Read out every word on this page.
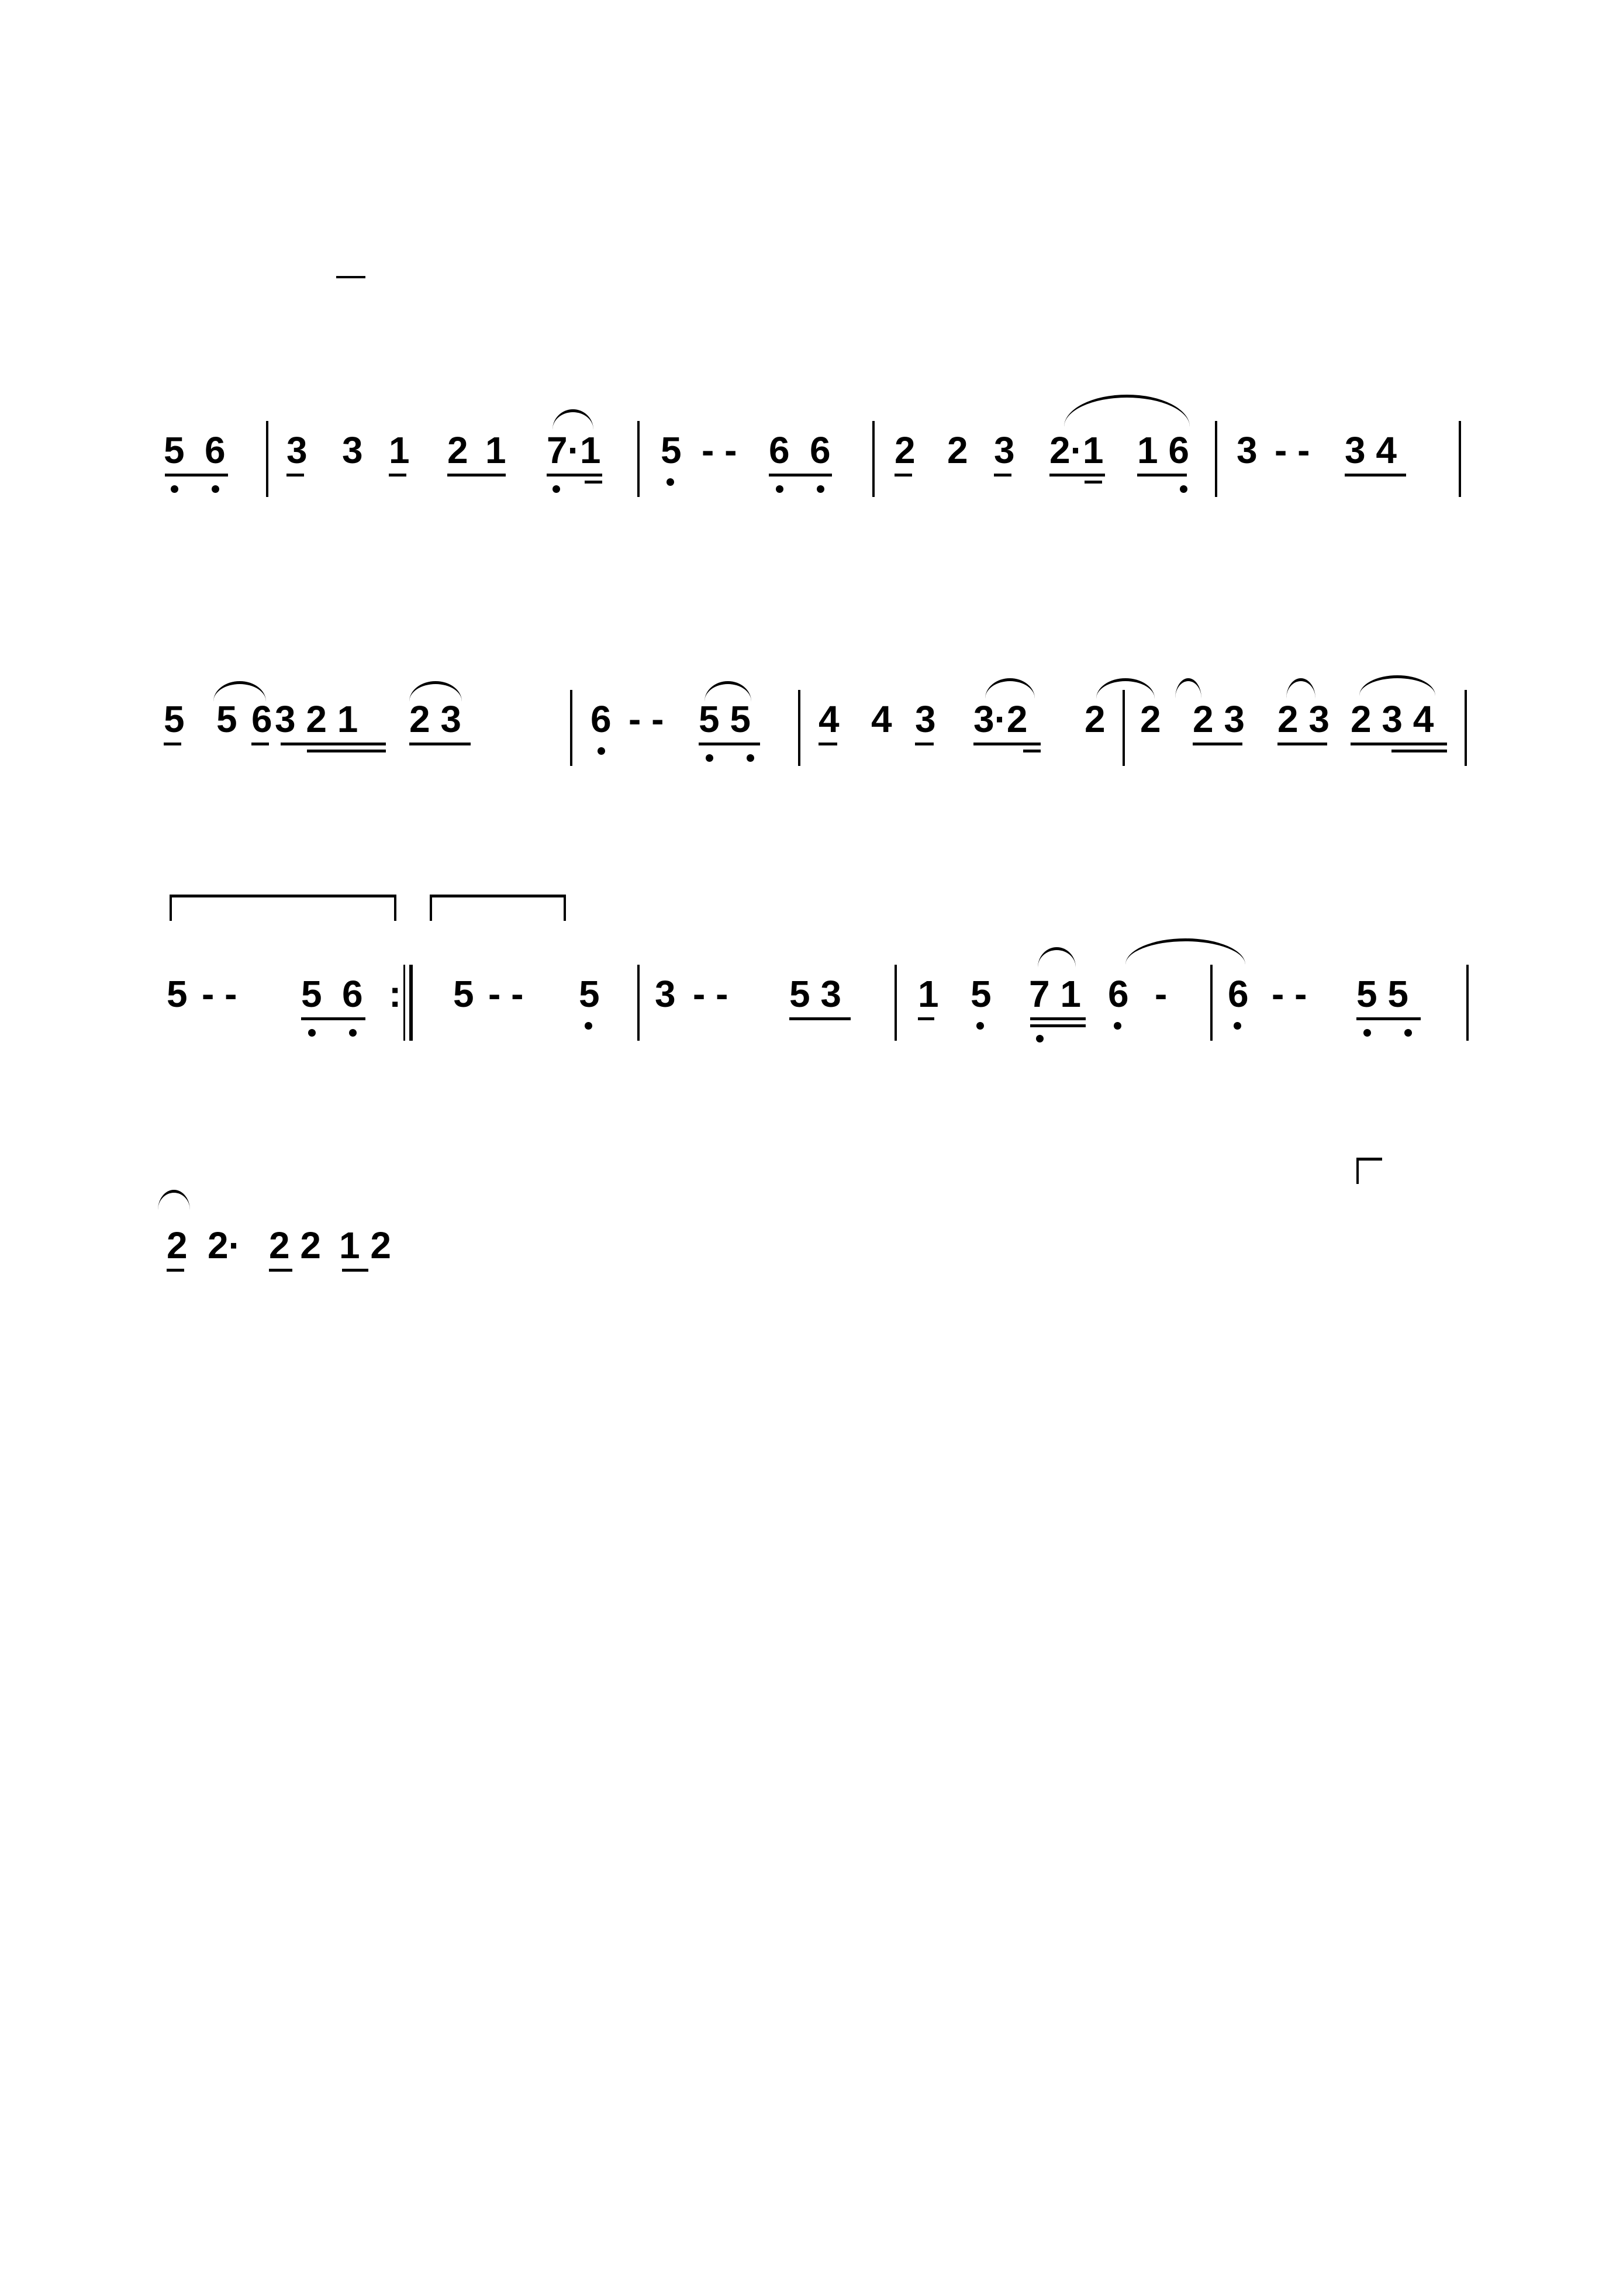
5 6 3 3 1 2 1 7·1 5 - - 6 6 2 2 3 2·1 1 6 3 - - 3 4
5 5 6 3 2 1 2 3	6 - - 5 5 4 4 3 3·2 2 2 2 3 2 3 2 3 4
5 - - 5 6 : 5 - - 5 3 - - 5 3 1 5 7 1 6 - 6 - - 5 5
2 2· 2 2 1 2
